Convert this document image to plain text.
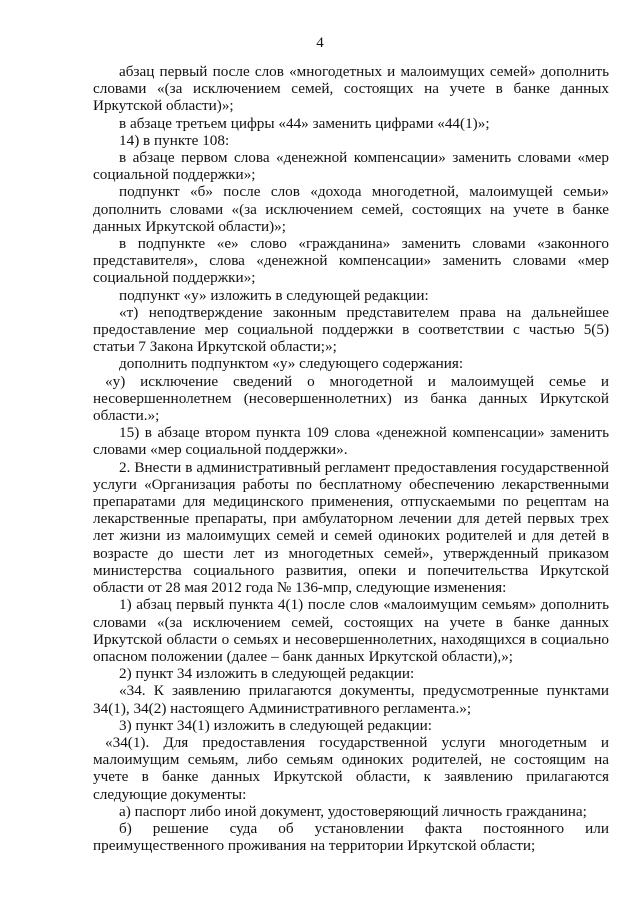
4

абзац первый после слов «многодетных и малоимущих семей» дополнить словами «(за исключением семей, состоящих на учете в банке данных Иркутской области)»;

в абзаце третьем цифры «44» заменить цифрами «44(1)»;

14) в пункте 108:

в абзаце первом слова «денежной компенсации» заменить словами «мер социальной поддержки»;

подпункт «б» после слов «дохода многодетной, малоимущей семьи» дополнить словами «(за исключением семей, состоящих на учете в банке данных Иркутской области)»;

в подпункте «е» слово «гражданина» заменить словами «законного представителя», слова «денежной компенсации» заменить словами «мер социальной поддержки»;

подпункт «у» изложить в следующей редакции:

«т) неподтверждение законным представителем права на дальнейшее предоставление мер социальной поддержки в соответствии с частью 5(5) статьи 7 Закона Иркутской области;»;

дополнить подпунктом «у» следующего содержания:

«у) исключение сведений о многодетной и малоимущей семье и несовершеннолетнем (несовершеннолетних) из банка данных Иркутской области.»;

15) в абзаце втором пункта 109 слова «денежной компенсации» заменить словами «мер социальной поддержки».

2. Внести в административный регламент предоставления государственной услуги «Организация работы по бесплатному обеспечению лекарственными препаратами для медицинского применения, отпускаемыми по рецептам на лекарственные препараты, при амбулаторном лечении для детей первых трех лет жизни из малоимущих семей и семей одиноких родителей и для детей в возрасте до шести лет из многодетных семей», утвержденный приказом министерства социального развития, опеки и попечительства Иркутской области от 28 мая 2012 года № 136-мпр, следующие изменения:

1) абзац первый пункта 4(1) после слов «малоимущим семьям» дополнить словами «(за исключением семей, состоящих на учете в банке данных Иркутской области о семьях и несовершеннолетних, находящихся в социально опасном положении (далее – банк данных Иркутской области),»;

2) пункт 34 изложить в следующей редакции:

«34. К заявлению прилагаются документы, предусмотренные пунктами 34(1), 34(2) настоящего Административного регламента.»;

3) пункт 34(1) изложить в следующей редакции:

«34(1). Для предоставления государственной услуги многодетным и малоимущим семьям, либо семьям одиноких родителей, не состоящим на учете в банке данных Иркутской области, к заявлению прилагаются следующие документы:

а) паспорт либо иной документ, удостоверяющий личность гражданина;

б) решение суда об установлении факта постоянного или преимущественного проживания на территории Иркутской области;
